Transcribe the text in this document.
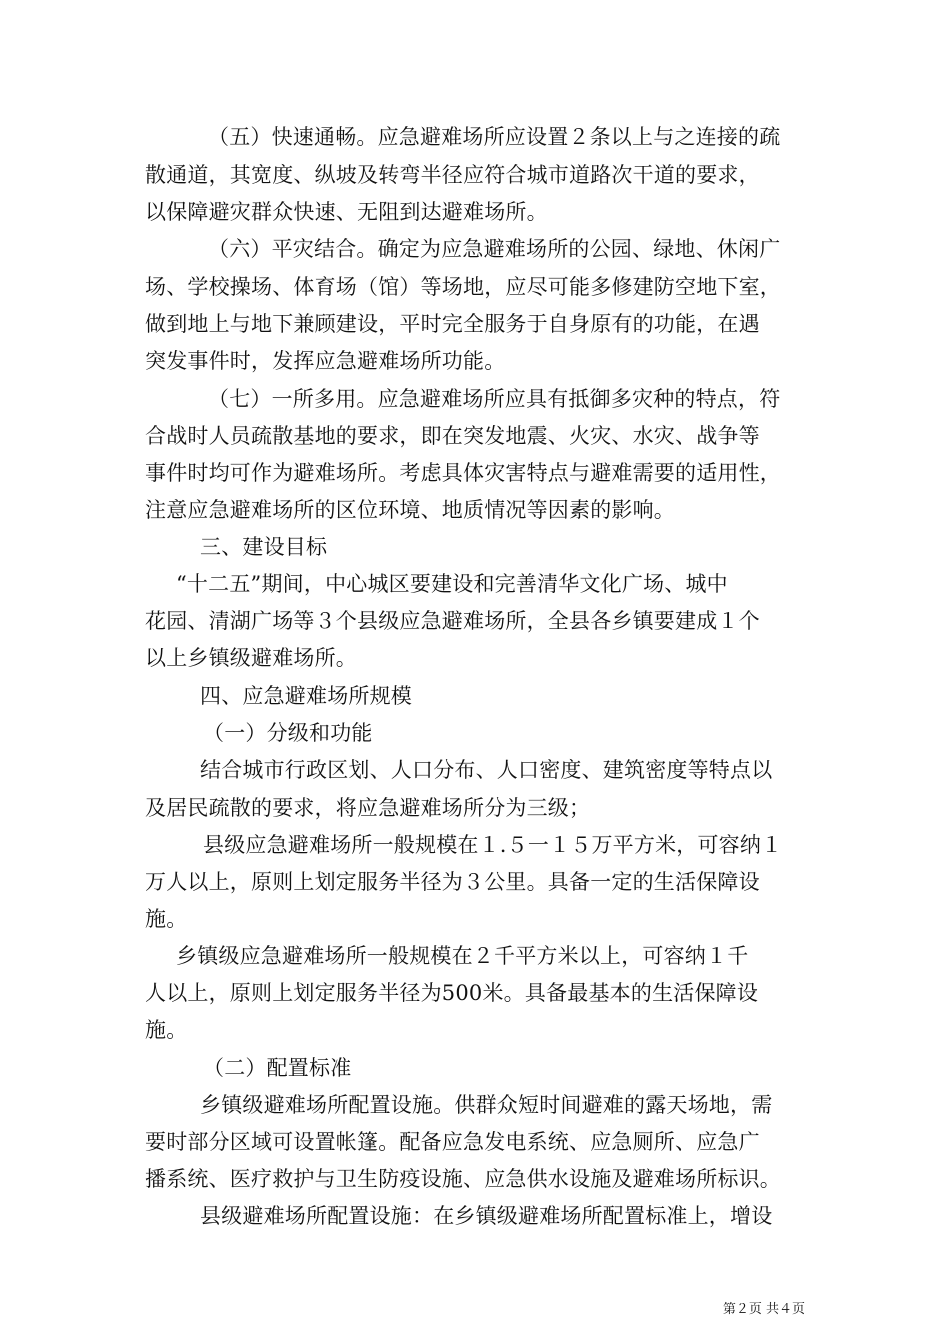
（五）快速通畅。应急避难场所应设置２条以上与之连接的疏
散通道，其宽度、纵坡及转弯半径应符合城市道路次干道的要求，
以保障避灾群众快速、无阻到达避难场所。
（六）平灾结合。确定为应急避难场所的公园、绿地、休闲广
场、学校操场、体育场（馆）等场地，应尽可能多修建防空地下室，
做到地上与地下兼顾建设，平时完全服务于自身原有的功能，在遇
突发事件时，发挥应急避难场所功能。
（七）一所多用。应急避难场所应具有抵御多灾种的特点，符
合战时人员疏散基地的要求，即在突发地震、火灾、水灾、战争等
事件时均可作为避难场所。考虑具体灾害特点与避难需要的适用性，
注意应急避难场所的区位环境、地质情况等因素的影响。
三、建设目标
“十二五”期间，中心城区要建设和完善清华文化广场、城中
花园、清湖广场等３个县级应急避难场所，全县各乡镇要建成１个
以上乡镇级避难场所。
四、应急避难场所规模
（一）分级和功能
结合城市行政区划、人口分布、人口密度、建筑密度等特点以
及居民疏散的要求，将应急避难场所分为三级；
县级应急避难场所一般规模在１.５一１５万平方米，可容纳１
万人以上，原则上划定服务半径为３公里。具备一定的生活保障设
施。
乡镇级应急避难场所一般规模在２千平方米以上，可容纳１千
人以上，原则上划定服务半径为500米。具备最基本的生活保障设
施。
（二）配置标准
乡镇级避难场所配置设施。供群众短时间避难的露天场地，需
要时部分区域可设置帐篷。配备应急发电系统、应急厕所、应急广
播系统、医疗救护与卫生防疫设施、应急供水设施及避难场所标识。
县级避难场所配置设施：在乡镇级避难场所配置标准上，增设
第２页 共４页
